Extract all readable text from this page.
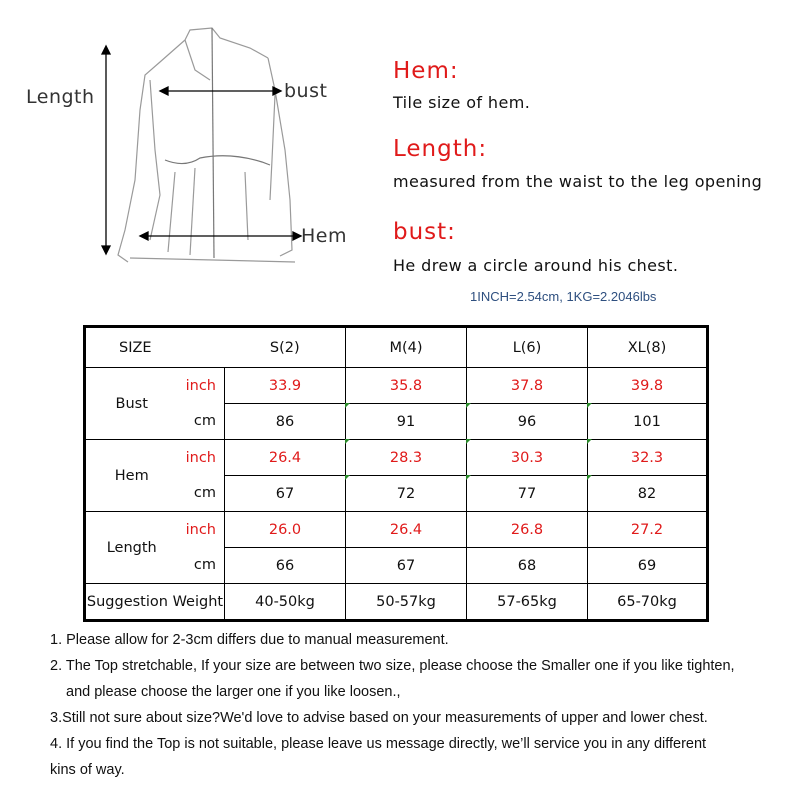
Length	bust
Hem
Hem:
Tile size of hem.
Length:
measured from the waist to the leg opening
bust:
He drew a circle around his chest.
1INCH=2.54cm, 1KG=2.2046lbs
SIZE		S(2)	M(4)	L(6)	XL(8)
Bust	inch	33.9	35.8	37.8	39.8
	cm	86	91	96	101
Hem	inch	26.4	28.3	30.3	32.3
	cm	67	72	77	82
Length	inch	26.0	26.4	26.8	27.2
	cm	66	67	68	69
Suggestion Weight		40-50kg	50-57kg	57-65kg	65-70kg
1. Please allow for 2-3cm differs due to manual measurement.
2. The Top stretchable, If your size are between two size, please choose the Smaller one if you like tighten,
and please choose the larger one if you like loosen.,
3.Still not sure about size?We'd love to advise based on your measurements of upper and lower chest.
4. If you find the Top is not suitable, please leave us message directly, we’ll service you in any different
kins of way.
